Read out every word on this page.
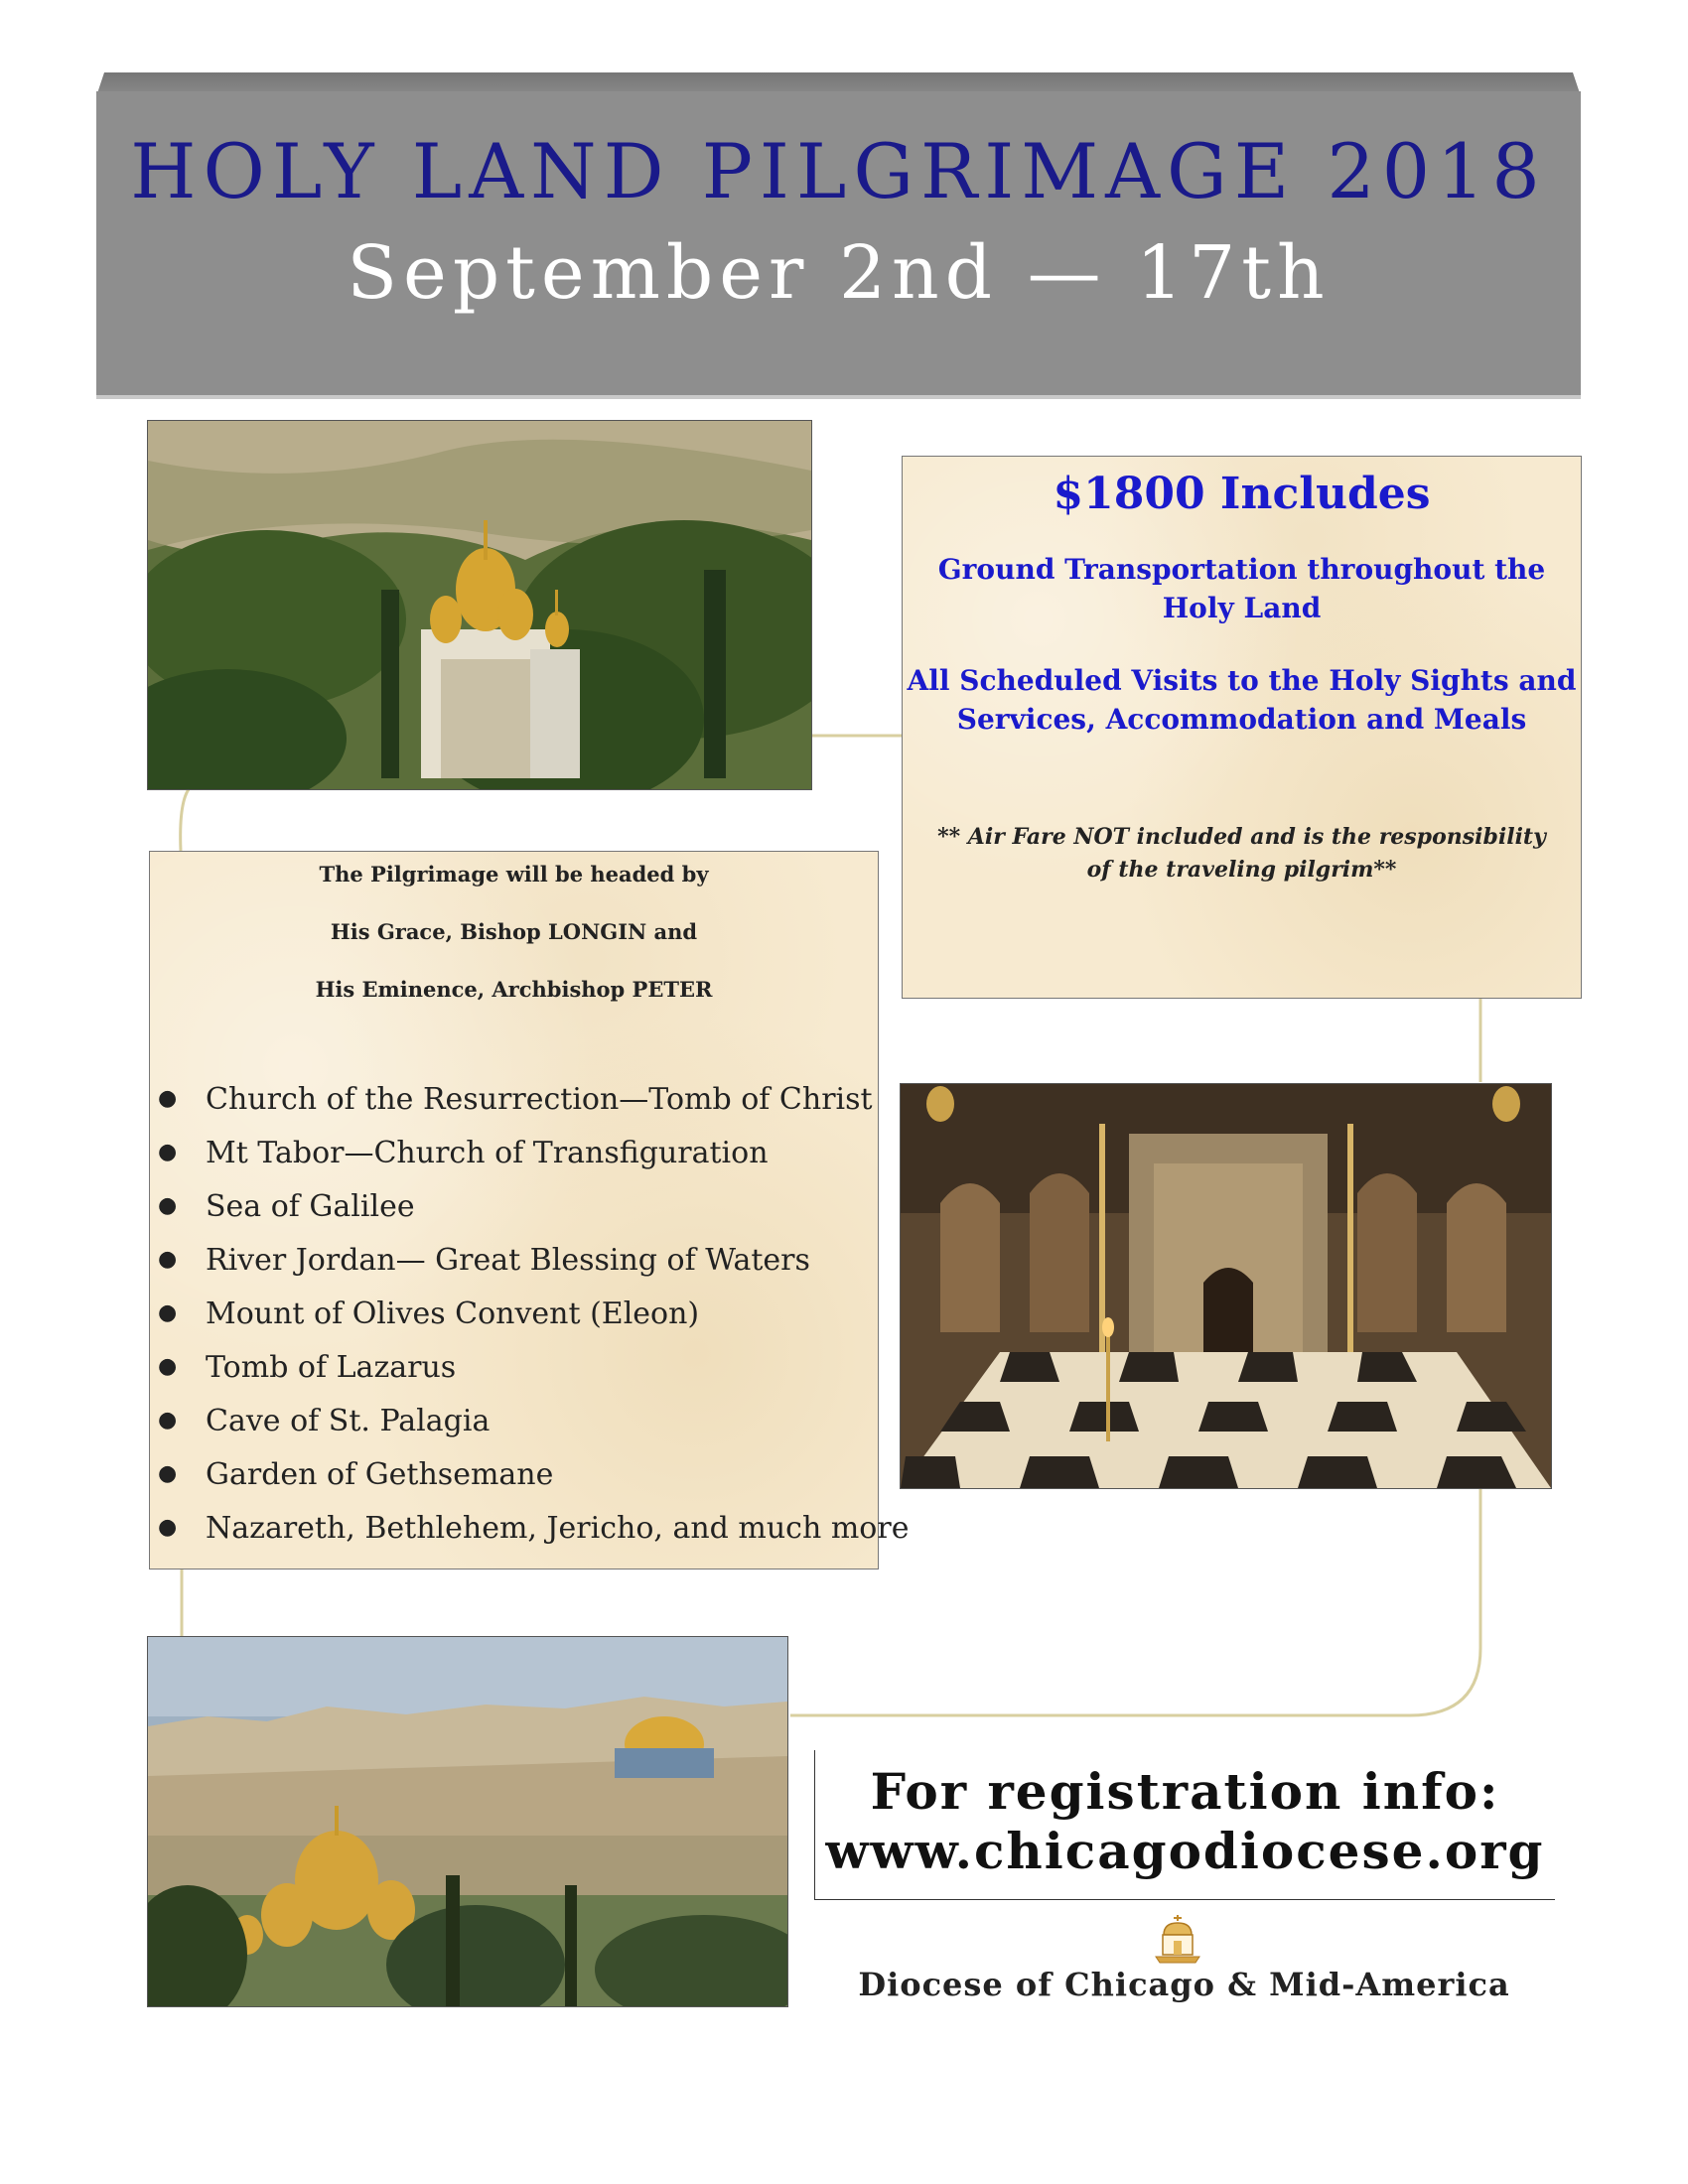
HOLY LAND PILGRIMAGE 2018
September 2nd — 17th
$1800 Includes
Ground Transportation throughout the
Holy Land
All Scheduled Visits to the Holy Sights and
Services, Accommodation and Meals
** Air Fare NOT included and is the responsibility
of the traveling pilgrim**
The Pilgrimage will be headed by
His Grace, Bishop LONGIN and
His Eminence, Archbishop PETER
● Church of the Resurrection—Tomb of Christ
● Mt Tabor—Church of Transfiguration
● Sea of Galilee
● River Jordan— Great Blessing of Waters
● Mount of Olives Convent (Eleon)
● Tomb of Lazarus
● Cave of St. Palagia
● Garden of Gethsemane
● Nazareth, Bethlehem, Jericho, and much more
For registration info:
www.chicagodiocese.org
Diocese of Chicago & Mid-America
